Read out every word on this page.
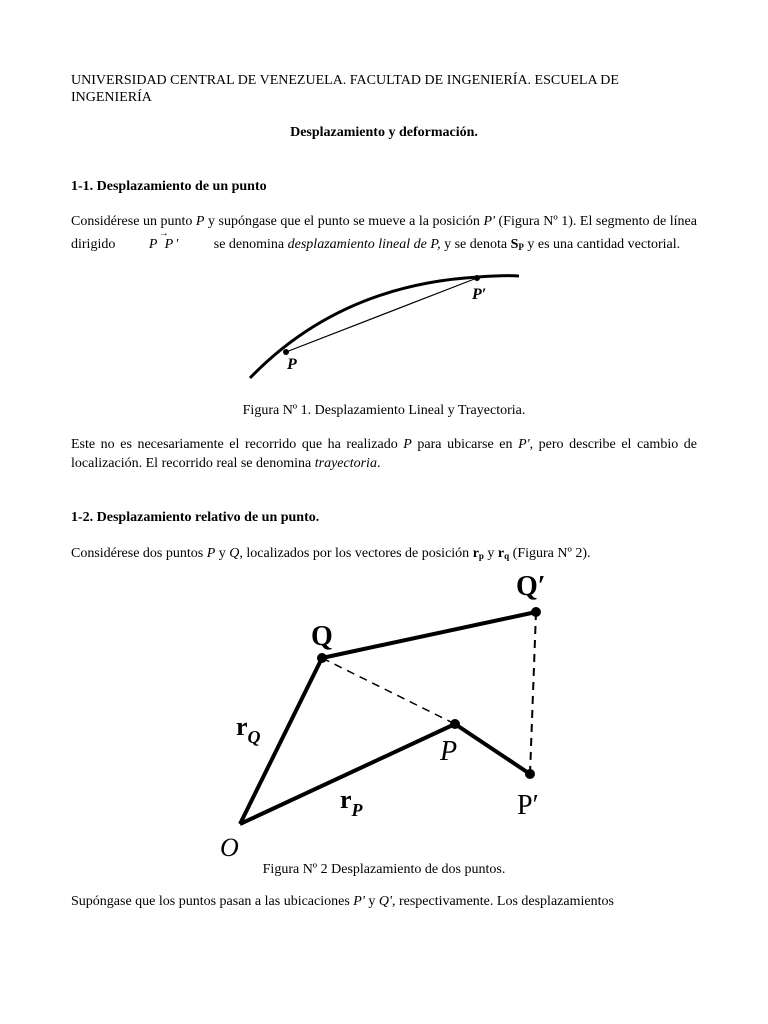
UNIVERSIDAD CENTRAL DE VENEZUELA. FACULTAD DE INGENIERÍA. ESCUELA DE
INGENIERÍA
Desplazamiento y deformación.
1-1. Desplazamiento de un punto
Considérese un punto P y supóngase que el punto se mueve a la posición P' (Figura Nº 1). El segmento de línea dirigido
→
P P′ se denomina desplazamiento lineal de P, y se denota $S_P$ y es una cantidad vectorial.
P
P′
Figura Nº 1. Desplazamiento Lineal y Trayectoria.
Este no es necesariamente el recorrido que ha realizado P para ubicarse en P', pero describe el cambio de localización. El recorrido real se denomina trayectoria.
1-2. Desplazamiento relativo de un punto.
Considérese dos puntos P y Q, localizados por los vectores de posición $r_p$ y $r_q$ (Figura Nº 2).
Q
Q′
P
P′
O
$r_Q$
$r_P$
Figura Nº 2 Desplazamiento de dos puntos.
Supóngase que los puntos pasan a las ubicaciones P' y Q', respectivamente. Los desplazamientos
